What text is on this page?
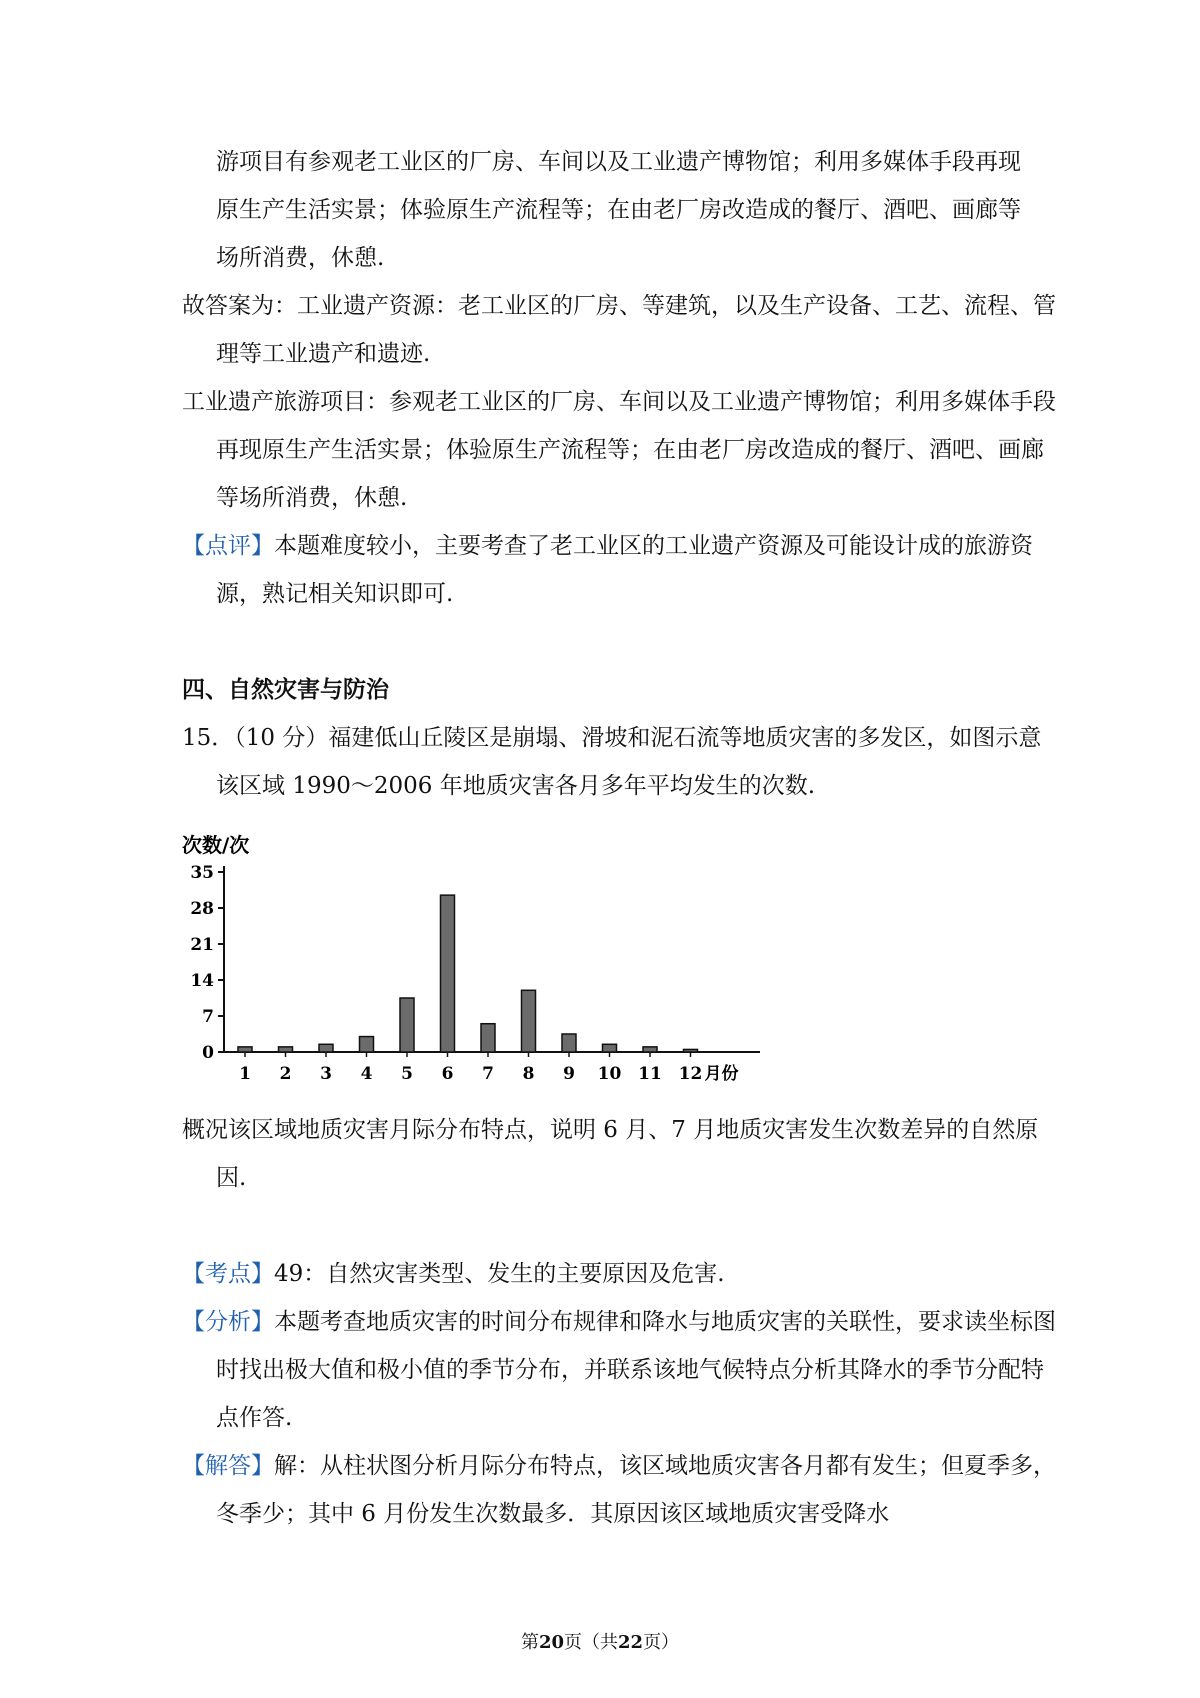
游项目有参观老工业区的厂房、车间以及工业遗产博物馆；利用多媒体手段再现原生产生活实景；体验原生产流程等；在由老厂房改造成的餐厅、酒吧、画廊等场所消费，休憩.
故答案为：工业遗产资源：老工业区的厂房、等建筑，以及生产设备、工艺、流程、管理等工业遗产和遗迹.
工业遗产旅游项目：参观老工业区的厂房、车间以及工业遗产博物馆；利用多媒体手段再现原生产生活实景；体验原生产流程等；在由老厂房改造成的餐厅、酒吧、画廊等场所消费，休憩.
【点评】本题难度较小，主要考查了老工业区的工业遗产资源及可能设计成的旅游资源，熟记相关知识即可.
四、自然灾害与防治
15．（10 分）福建低山丘陵区是崩塌、滑坡和泥石流等地质灾害的多发区，如图示意该区域 1990～2006 年地质灾害各月多年平均发生的次数.
次数/次
0
7
14
21
28
35
1 2 3 4 5 6 7 8 9 10 11 12 月份
概况该区域地质灾害月际分布特点，说明 6 月、7 月地质灾害发生次数差异的自然原因.
【考点】49：自然灾害类型、发生的主要原因及危害.
【分析】本题考查地质灾害的时间分布规律和降水与地质灾害的关联性，要求读坐标图时找出极大值和极小值的季节分布，并联系该地气候特点分析其降水的季节分配特点作答.
【解答】解：从柱状图分析月际分布特点，该区域地质灾害各月都有发生；但夏季多，冬季少；其中 6 月份发生次数最多．其原因该区域地质灾害受降水
第20页（共22页）
